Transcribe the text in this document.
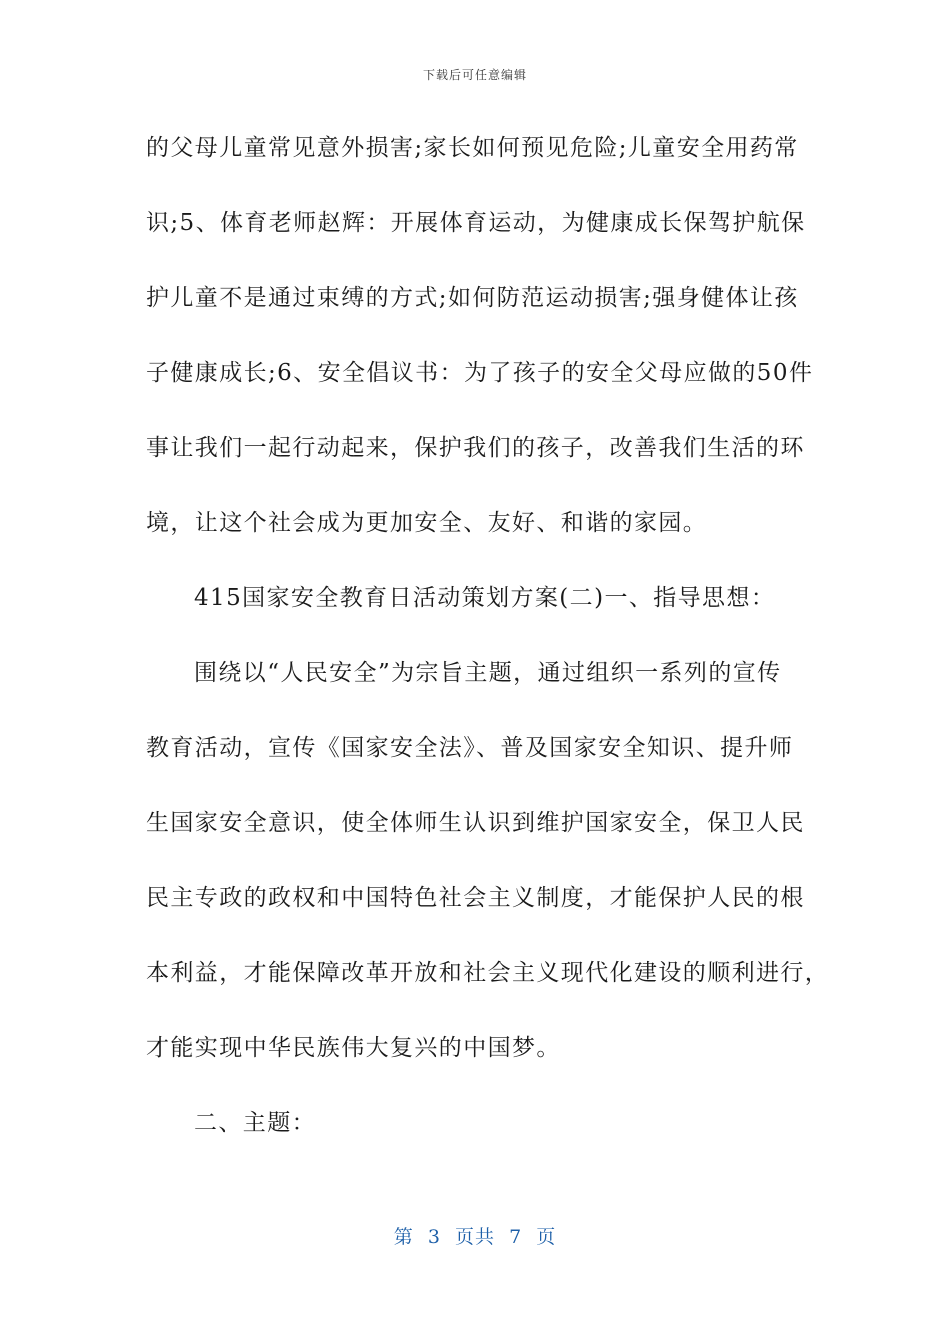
下载后可任意编辑
的父母儿童常见意外损害;家长如何预见危险;儿童安全用药常
识;5、体育老师赵辉：开展体育运动，为健康成长保驾护航保
护儿童不是通过束缚的方式;如何防范运动损害;强身健体让孩
子健康成长;6、安全倡议书：为了孩子的安全父母应做的50件
事让我们一起行动起来，保护我们的孩子，改善我们生活的环
境，让这个社会成为更加安全、友好、和谐的家园。
415国家安全教育日活动策划方案(二)一、指导思想：
围绕以“人民安全”为宗旨主题，通过组织一系列的宣传
教育活动，宣传《国家安全法》、普及国家安全知识、提升师
生国家安全意识，使全体师生认识到维护国家安全，保卫人民
民主专政的政权和中国特色社会主义制度，才能保护人民的根
本利益，才能保障改革开放和社会主义现代化建设的顺利进行，
才能实现中华民族伟大复兴的中国梦。
二、主题：
第  3  页共  7  页
